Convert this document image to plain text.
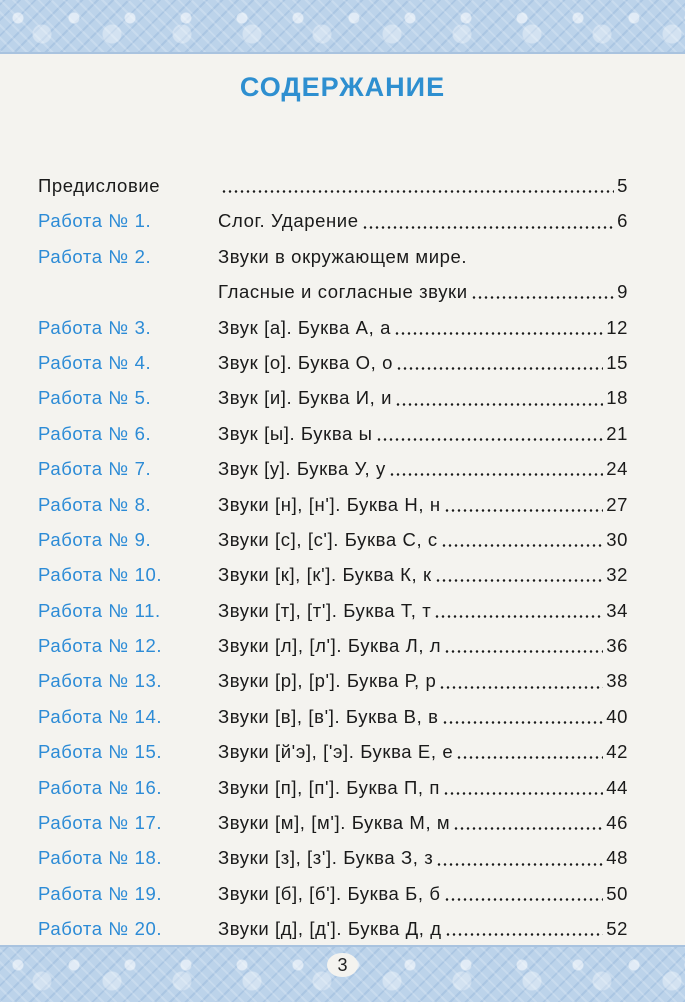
СОДЕРЖАНИЕ
Предисловие	5
Работа № 1.	Слог. Ударение	6
Работа № 2.	Звуки в окружающем мире.
Гласные и согласные звуки	9
Работа № 3.	Звук [а]. Буква А, а	12
Работа № 4.	Звук [о]. Буква О, о	15
Работа № 5.	Звук [и]. Буква И, и	18
Работа № 6.	Звук [ы]. Буква ы	21
Работа № 7.	Звук [у]. Буква У, у	24
Работа № 8.	Звуки [н], [н']. Буква Н, н	27
Работа № 9.	Звуки [с], [с']. Буква С, с	30
Работа № 10.	Звуки [к], [к']. Буква К, к	32
Работа № 11.	Звуки [т], [т']. Буква Т, т	34
Работа № 12.	Звуки [л], [л']. Буква Л, л	36
Работа № 13.	Звуки [р], [р']. Буква Р, р	38
Работа № 14.	Звуки [в], [в']. Буква В, в	40
Работа № 15.	Звуки [й'э], ['э]. Буква Е, е	42
Работа № 16.	Звуки [п], [п']. Буква П, п	44
Работа № 17.	Звуки [м], [м']. Буква М, м	46
Работа № 18.	Звуки [з], [з']. Буква З, з	48
Работа № 19.	Звуки [б], [б']. Буква Б, б	50
Работа № 20.	Звуки [д], [д']. Буква Д, д	52
3
